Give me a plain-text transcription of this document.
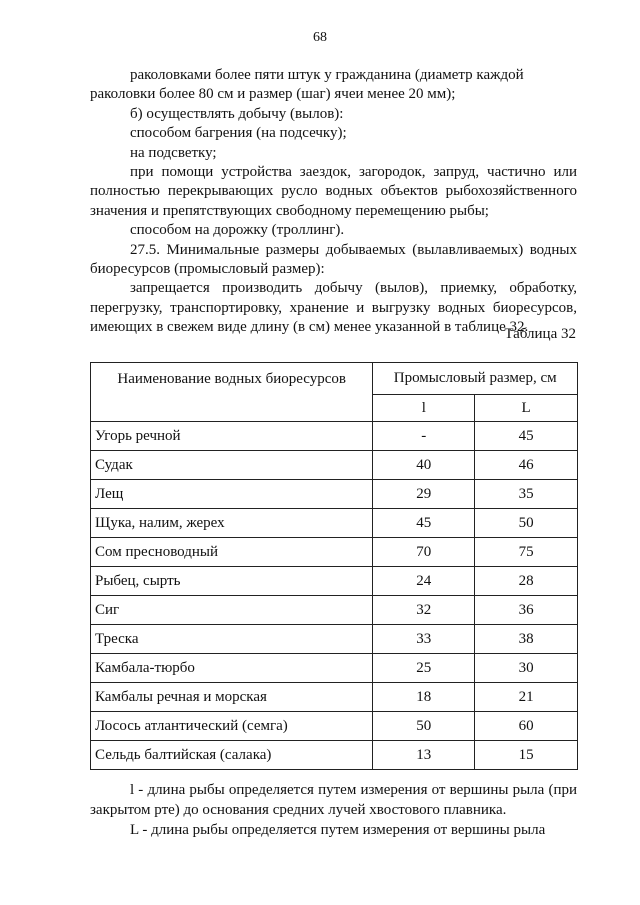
68

раколовками более пяти штук у гражданина (диаметр каждой

раколовки более 80 см и размер (шаг) ячеи менее 20 мм);

б) осуществлять добычу (вылов):

способом багрения (на подсечку);

на подсветку;

при помощи устройства заездок, загородок, запруд, частично или полностью перекрывающих русло водных объектов рыбохозяйственного значения и препятствующих свободному перемещению рыбы;

способом на дорожку (троллинг).

27.5. Минимальные размеры добываемых (вылавливаемых) водных биоресурсов (промысловый размер):

запрещается производить добычу (вылов), приемку, обработку, перегрузку, транспортировку, хранение и выгрузку водных биоресурсов, имеющих в свежем виде длину (в см) менее указанной в таблице 32.

Таблица 32
Наименование водных биоресурсов	Промысловый размер, см	
	l	L
Угорь речной	-	45
Судак	40	46
Лещ	29	35
Щука, налим, жерех	45	50
Сом пресноводный	70	75
Рыбец, сырть	24	28
Сиг	32	36
Треска	33	38
Камбала-тюрбо	25	30
Камбалы речная и морская	18	21
Лосось атлантический (семга)	50	60
Сельдь балтийская (салака)	13	15

l - длина рыбы определяется путем измерения от вершины рыла (при закрытом рте) до основания средних лучей хвостового плавника.

L - длина рыбы определяется путем измерения от вершины рыла
